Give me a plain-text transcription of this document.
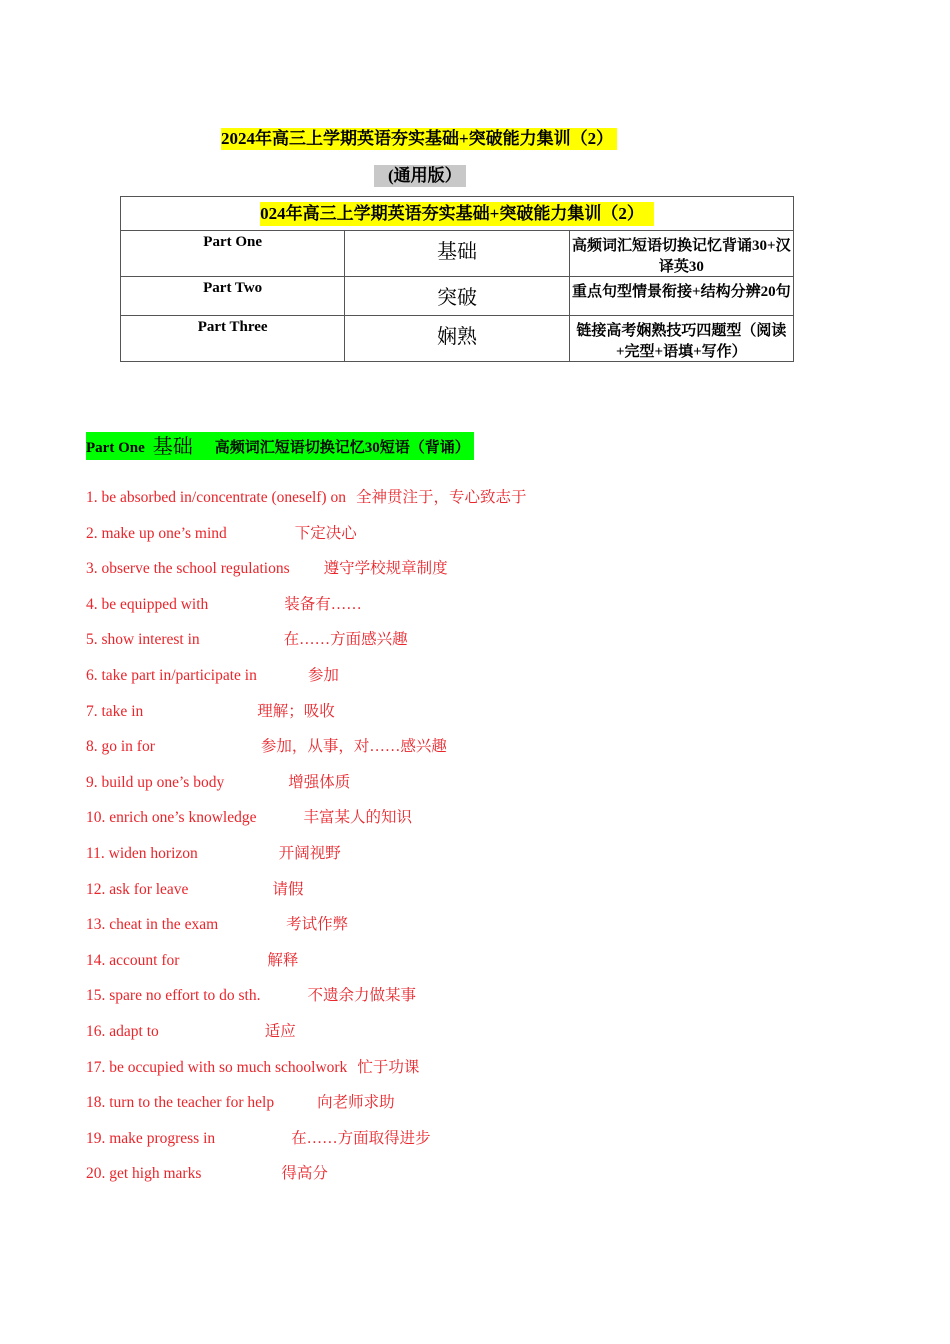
2024年高三上学期英语夯实基础+突破能力集训（2）
(通用版）
024年高三上学期英语夯实基础+突破能力集训（2）		
Part One	基础	高频词汇短语切换记忆背诵30+汉译英30
Part Two	突破	重点句型情景衔接+结构分辨20句
Part Three	娴熟	链接高考娴熟技巧四题型（阅读+完型+语填+写作）
Part One 基础 高频词汇短语切换记忆30短语（背诵）
1. be absorbed in/concentrate (oneself) on 全神贯注于，专心致志于
2. make up one’s mind	下定决心
3. observe the school regulations 遵守学校规章制度
4. be equipped with	装备有……
5. show interest in	在……方面感兴趣
6. take part in/participate in	参加
7. take in	理解；吸收
8. go in for	参加，从事，对……感兴趣
9. build up one’s body	增强体质
10. enrich one’s knowledge	丰富某人的知识
11. widen horizon	开阔视野
12. ask for leave	请假
13. cheat in the exam	考试作弊
14. account for	解释
15. spare no effort to do sth.	不遗余力做某事
16. adapt to	适应
17. be occupied with so much schoolwork 忙于功课
18. turn to the teacher for help	向老师求助
19. make progress in	在……方面取得进步
20. get high marks	得高分
